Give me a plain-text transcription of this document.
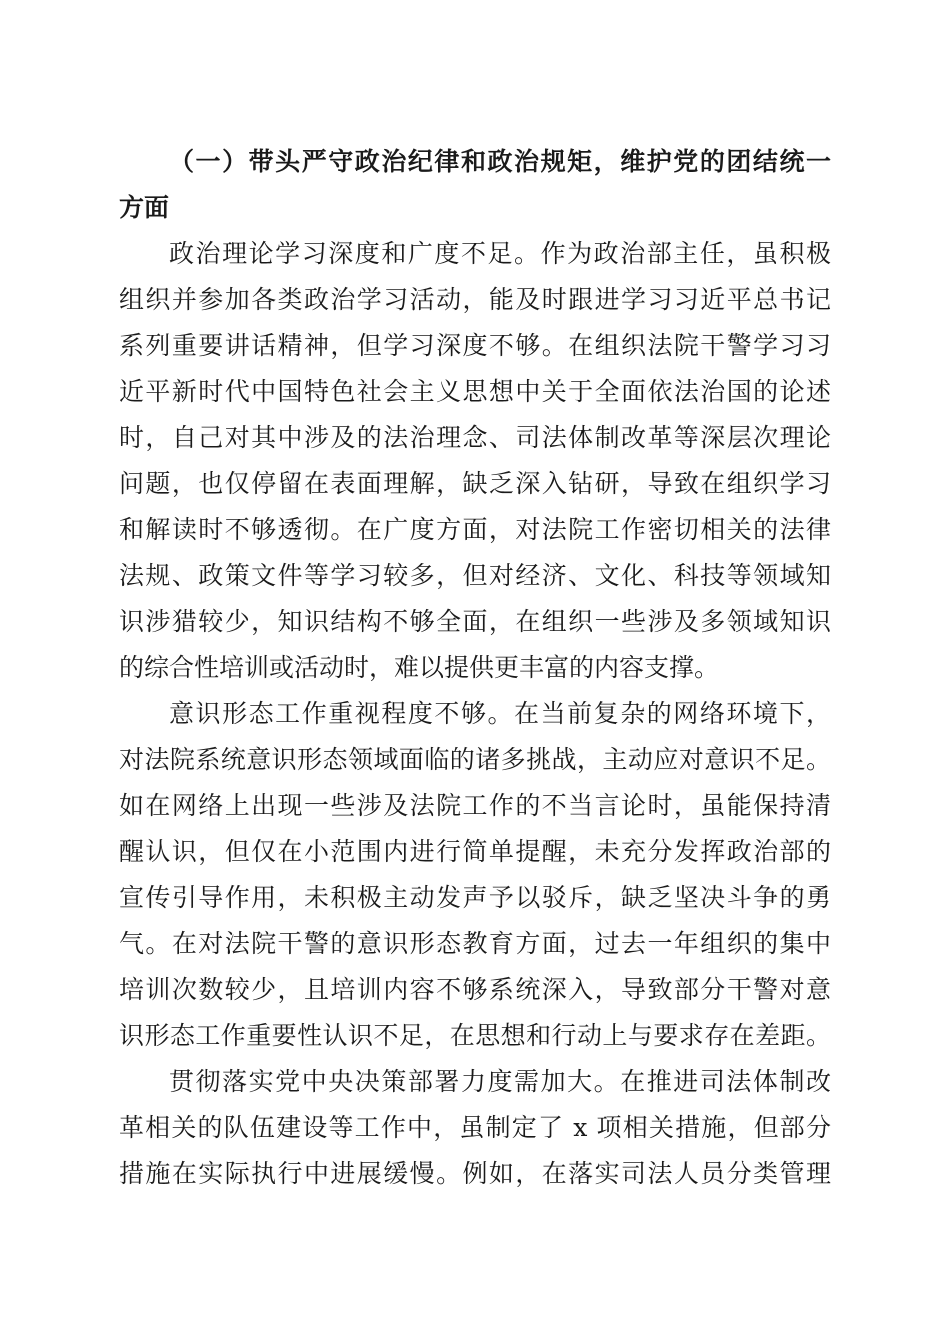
（一）带头严守政治纪律和政治规矩，维护党的团结统一
方面
政治理论学习深度和广度不足。作为政治部主任，虽积极
组织并参加各类政治学习活动，能及时跟进学习习近平总书记
系列重要讲话精神，但学习深度不够。在组织法院干警学习习
近平新时代中国特色社会主义思想中关于全面依法治国的论述
时，自己对其中涉及的法治理念、司法体制改革等深层次理论
问题，也仅停留在表面理解，缺乏深入钻研，导致在组织学习
和解读时不够透彻。在广度方面，对法院工作密切相关的法律
法规、政策文件等学习较多，但对经济、文化、科技等领域知
识涉猎较少，知识结构不够全面，在组织一些涉及多领域知识
的综合性培训或活动时，难以提供更丰富的内容支撑。
意识形态工作重视程度不够。在当前复杂的网络环境下，
对法院系统意识形态领域面临的诸多挑战，主动应对意识不足。
如在网络上出现一些涉及法院工作的不当言论时，虽能保持清
醒认识，但仅在小范围内进行简单提醒，未充分发挥政治部的
宣传引导作用，未积极主动发声予以驳斥，缺乏坚决斗争的勇
气。在对法院干警的意识形态教育方面，过去一年组织的集中
培训次数较少，且培训内容不够系统深入，导致部分干警对意
识形态工作重要性认识不足，在思想和行动上与要求存在差距。
贯彻落实党中央决策部署力度需加大。在推进司法体制改
革相关的队伍建设等工作中，虽制定了 x 项相关措施，但部分
措施在实际执行中进展缓慢。例如，在落实司法人员分类管理
